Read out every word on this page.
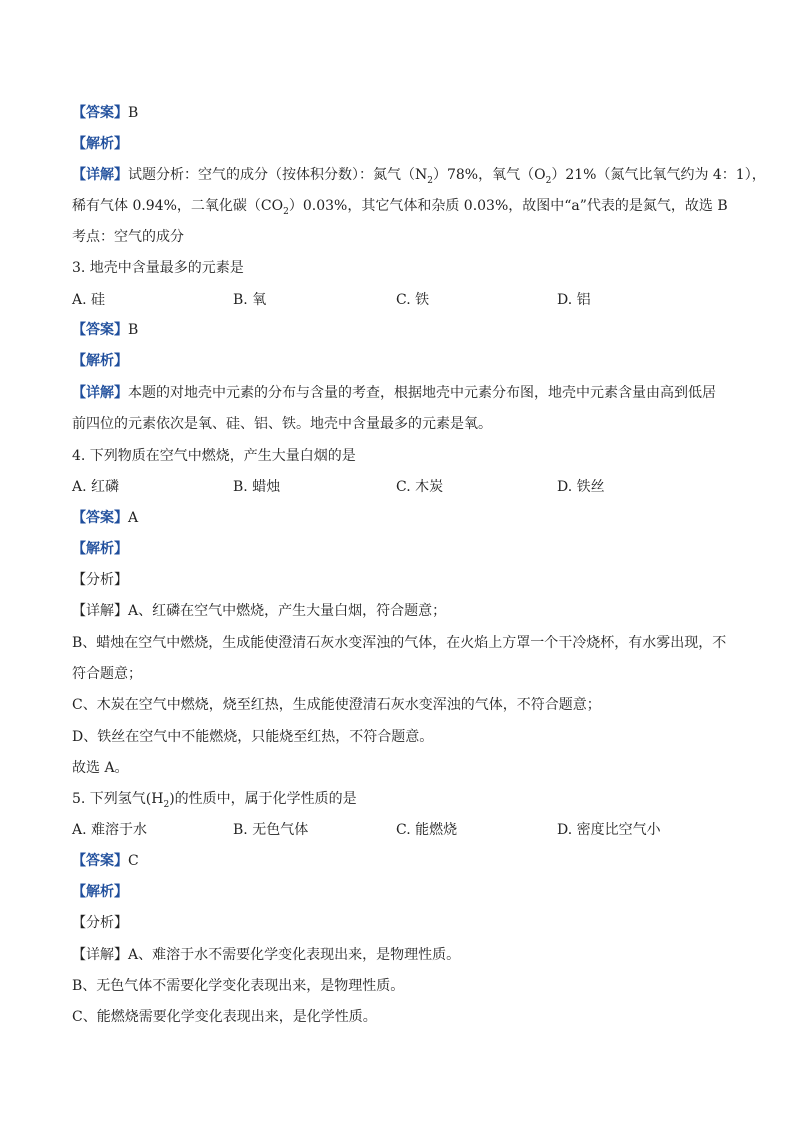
【答案】B
【解析】
【详解】试题分析：空气的成分（按体积分数）：氮气$(N_2)78\%$，氧气$(O_2)21\%$（氮气比氧气约为 4：1），
稀有气体 0.94%，二氧化碳$(CO_2)0.03\%$，其它气体和杂质 0.03%，故图中“a”代表的是氮气，故选 B
考点：空气的成分
3. 地壳中含量最多的元素是
A. 硅	B. 氧	C. 铁	D. 铝
【答案】B
【解析】
【详解】本题的对地壳中元素的分布与含量的考查，根据地壳中元素分布图，地壳中元素含量由高到低居
前四位的元素依次是氧、硅、铝、铁。地壳中含量最多的元素是氧。
4. 下列物质在空气中燃烧，产生大量白烟的是
A. 红磷	B. 蜡烛	C. 木炭	D. 铁丝
【答案】A
【解析】
【分析】
【详解】A、红磷在空气中燃烧，产生大量白烟，符合题意；
B、蜡烛在空气中燃烧，生成能使澄清石灰水变浑浊的气体，在火焰上方罩一个干冷烧杯，有水雾出现，不
符合题意；
C、木炭在空气中燃烧，烧至红热，生成能使澄清石灰水变浑浊的气体，不符合题意；
D、铁丝在空气中不能燃烧，只能烧至红热，不符合题意。
故选 A。
5. 下列氢气$(H_2)$的性质中，属于化学性质的是
A. 难溶于水	B. 无色气体	C. 能燃烧	D. 密度比空气小
【答案】C
【解析】
【分析】
【详解】A、难溶于水不需要化学变化表现出来，是物理性质。
B、无色气体不需要化学变化表现出来，是物理性质。
C、能燃烧需要化学变化表现出来，是化学性质。
